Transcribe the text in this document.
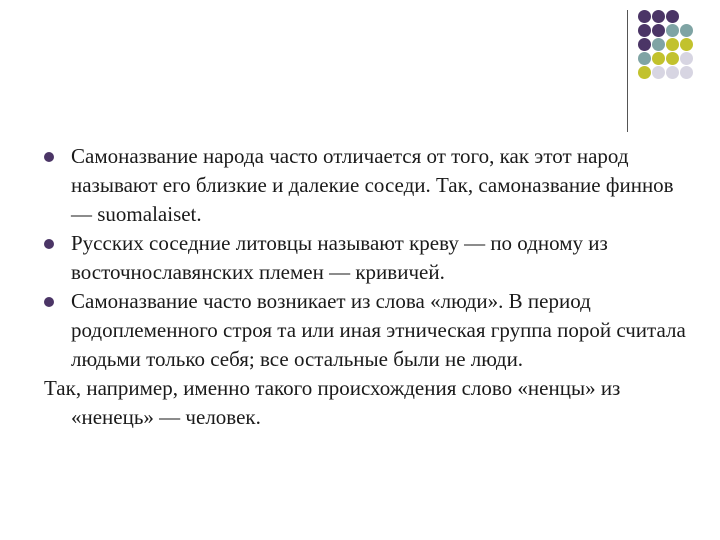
Самоназвание народа часто отличается от того, как этот народ называют его близкие и далекие соседи. Так, самоназвание финнов — suomalaiset.
Русских соседние литовцы называют креву — по одному из восточнославянских племен — кривичей.
Самоназвание часто возникает из слова «люди». В период родоплеменного строя та или иная этническая группа порой считала людьми только себя; все остальные были не люди.
Так, например, именно такого происхождения слово «ненцы» из «ненець» — человек.
